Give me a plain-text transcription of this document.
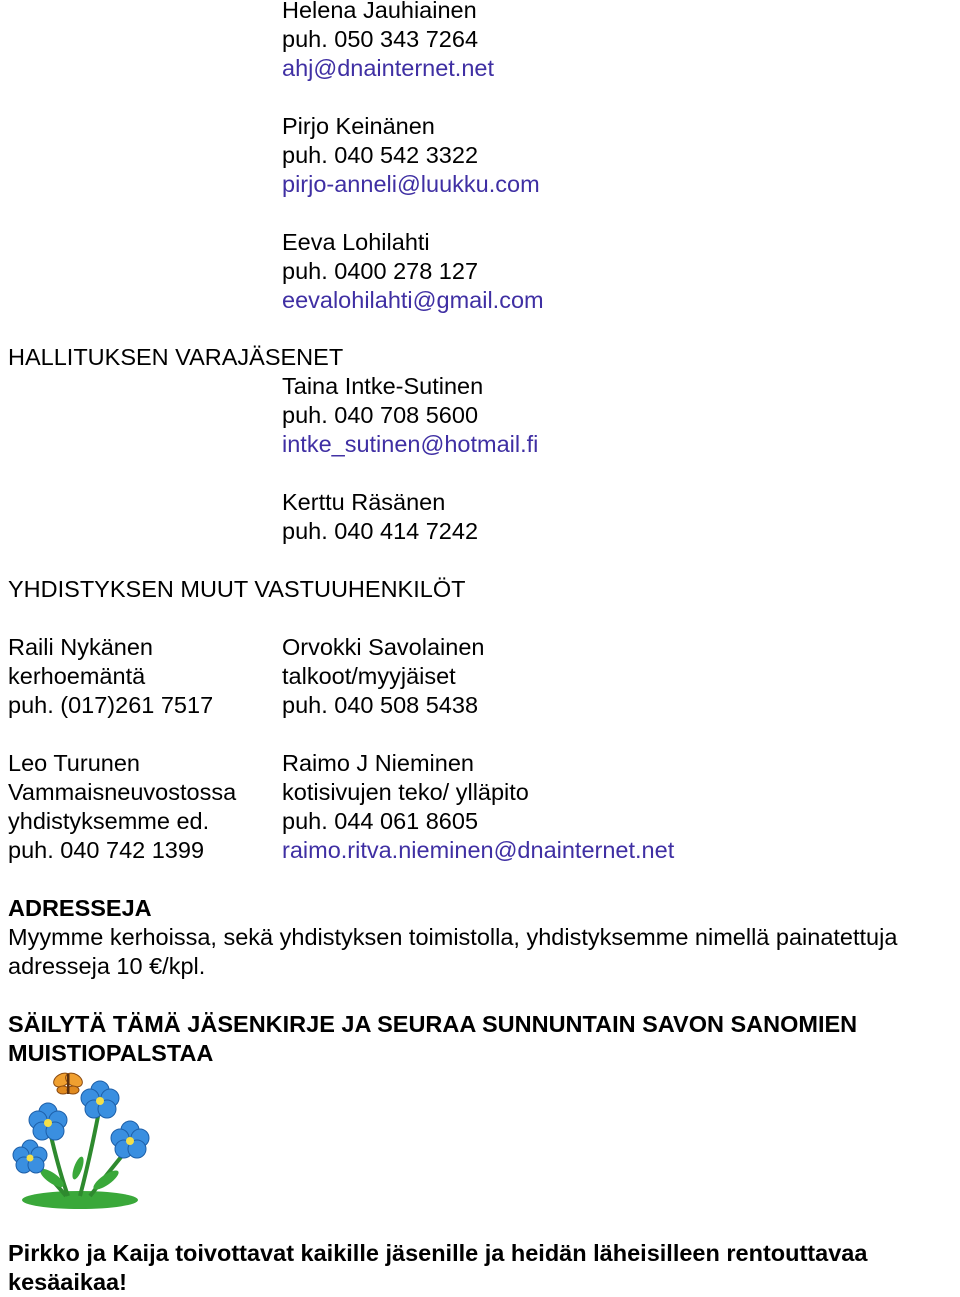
Helena Jauhiainen
puh. 050 343 7264
ahj@dnainternet.net
Pirjo Keinänen
puh. 040 542 3322
pirjo-anneli@luukku.com
Eeva Lohilahti
puh. 0400 278 127
eevalohilahti@gmail.com
HALLITUKSEN VARAJÄSENET
Taina Intke-Sutinen
puh. 040 708 5600
intke_sutinen@hotmail.fi
Kerttu Räsänen
puh. 040 414 7242
YHDISTYKSEN MUUT VASTUUHENKILÖT
Raili Nykänen
kerhoemäntä
puh. (017)261 7517
Orvokki Savolainen
talkoot/myyjäiset
puh. 040 508 5438
Leo Turunen
Vammaisneuvostossa
yhdistyksemme ed.
puh. 040 742 1399
Raimo J Nieminen
kotisivujen teko/ ylläpito
puh. 044 061 8605
raimo.ritva.nieminen@dnainternet.net
ADRESSEJA
Myymme kerhoissa, sekä yhdistyksen toimistolla, yhdistyksemme nimellä painatettuja
adresseja 10 €/kpl.
SÄILYTÄ TÄMÄ JÄSENKIRJE JA SEURAA SUNNUNTAIN SAVON SANOMIEN
MUISTIOPALSTAA
Pirkko ja Kaija toivottavat kaikille jäsenille ja heidän läheisilleen rentouttavaa
kesäaikaa!
